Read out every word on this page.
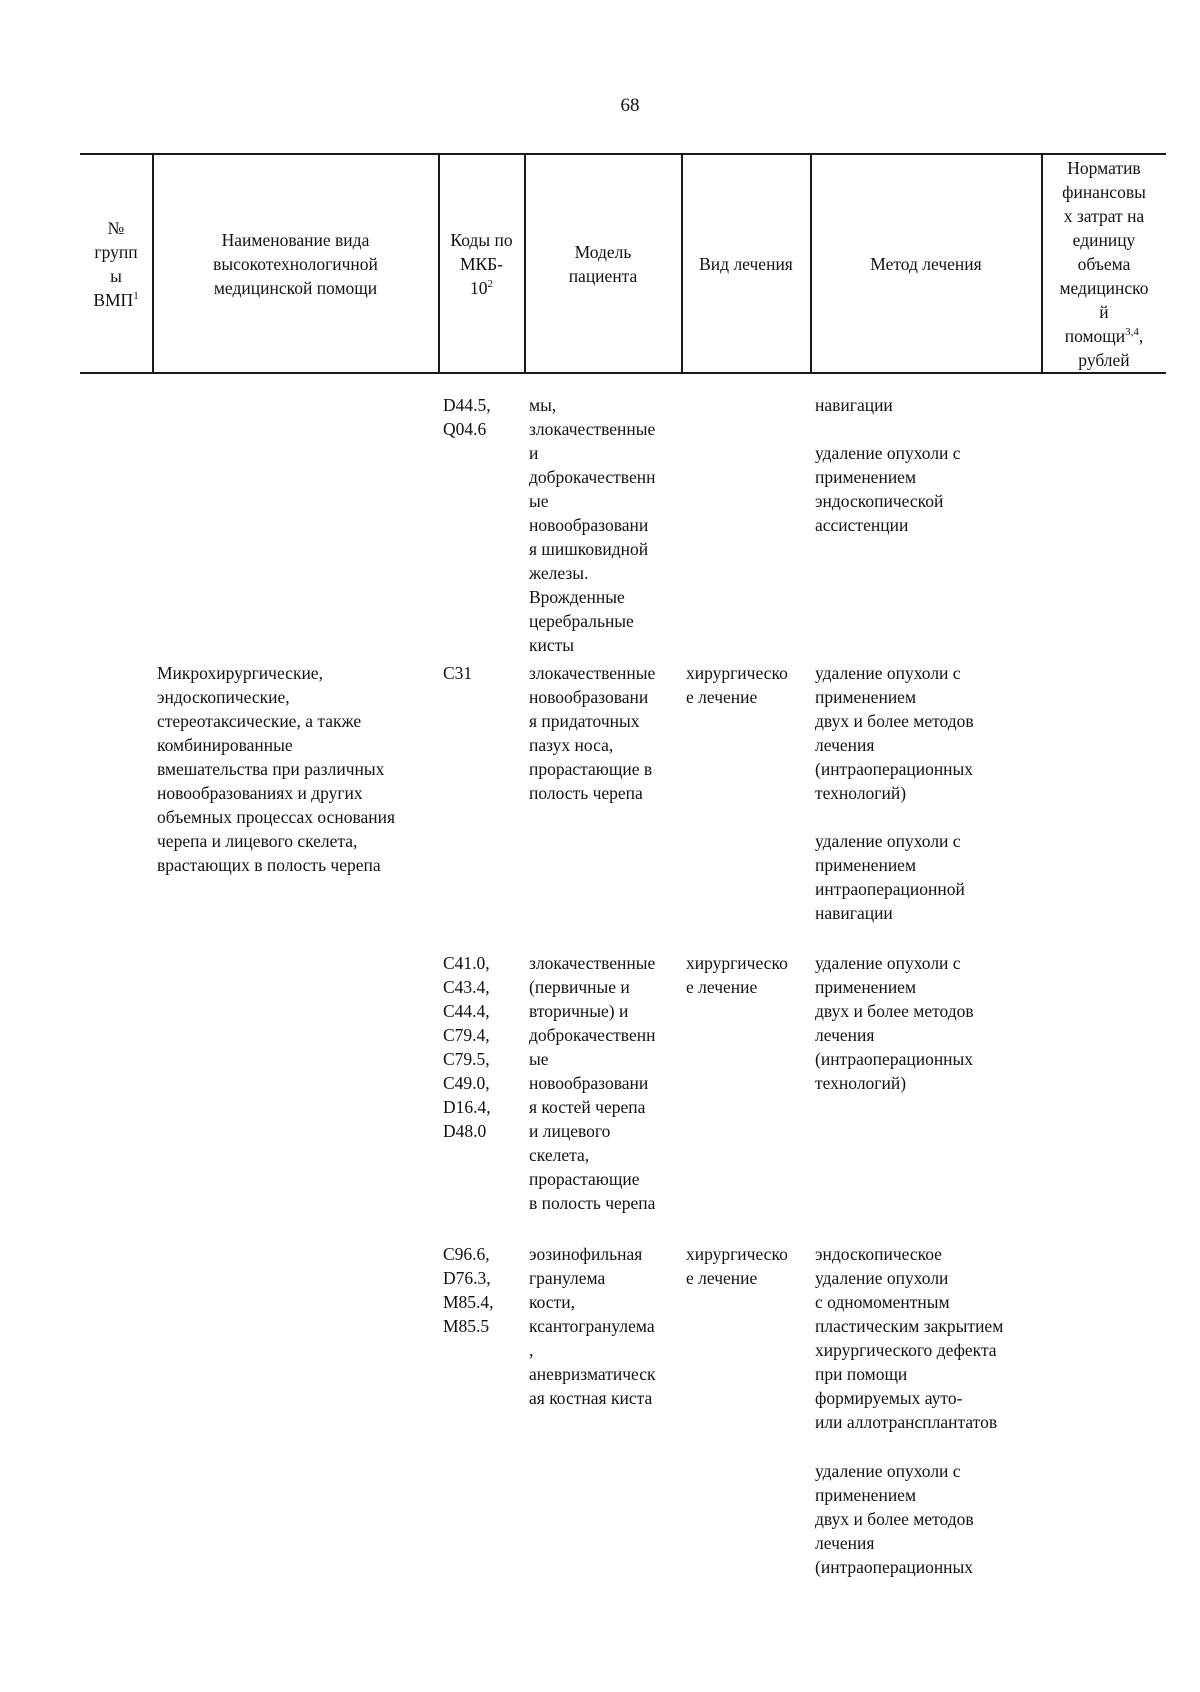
68
№
групп
ы
ВМП$^1$
Наименование вида
высокотехнологичной
медицинской помощи
Коды по
МКБ-
$10^2$
Модель
пациента
Вид лечения	Метод лечения
Норматив
финансовы
х затрат на
единицу
объема
медицинско
й
помощи$^{3,4}$,
рублей
D44.5,
Q04.6
мы,
злокачественные
и
доброкачественн
ые
новообразовани
я шишковидной
железы.
Врожденные
церебральные
кисты
навигации
удаление опухоли с
применением
эндоскопической
ассистенции
Микрохирургические,
эндоскопические,
стереотаксические, а также
комбинированные
вмешательства при различных
новообразованиях и других
объемных процессах основания
черепа и лицевого скелета,
врастающих в полость черепа
C31	злокачественные
новообразовани
я придаточных
пазух носа,
прорастающие в
полость черепа
хирургическо
е лечение
удаление опухоли с
применением
двух и более методов
лечения
(интраоперационных
технологий)
удаление опухоли с
применением
интраоперационной
навигации
C41.0,
C43.4,
C44.4,
C79.4,
C79.5,
C49.0,
D16.4,
D48.0
злокачественные
(первичные и
вторичные) и
доброкачественн
ые
новообразовани
я костей черепа
и лицевого
скелета,
прорастающие
в полость черепа
хирургическо
е лечение
удаление опухоли с
применением
двух и более методов
лечения
(интраоперационных
технологий)
C96.6,
D76.3,
M85.4,
M85.5
эозинофильная
гранулема
кости,
ксантогранулема
,
аневризматическ
ая костная киста
хирургическо
е лечение
эндоскопическое
удаление опухоли
с одномоментным
пластическим закрытием
хирургического дефекта
при помощи
формируемых ауто-
или аллотрансплантатов
удаление опухоли с
применением
двух и более методов
лечения
(интраоперационных
